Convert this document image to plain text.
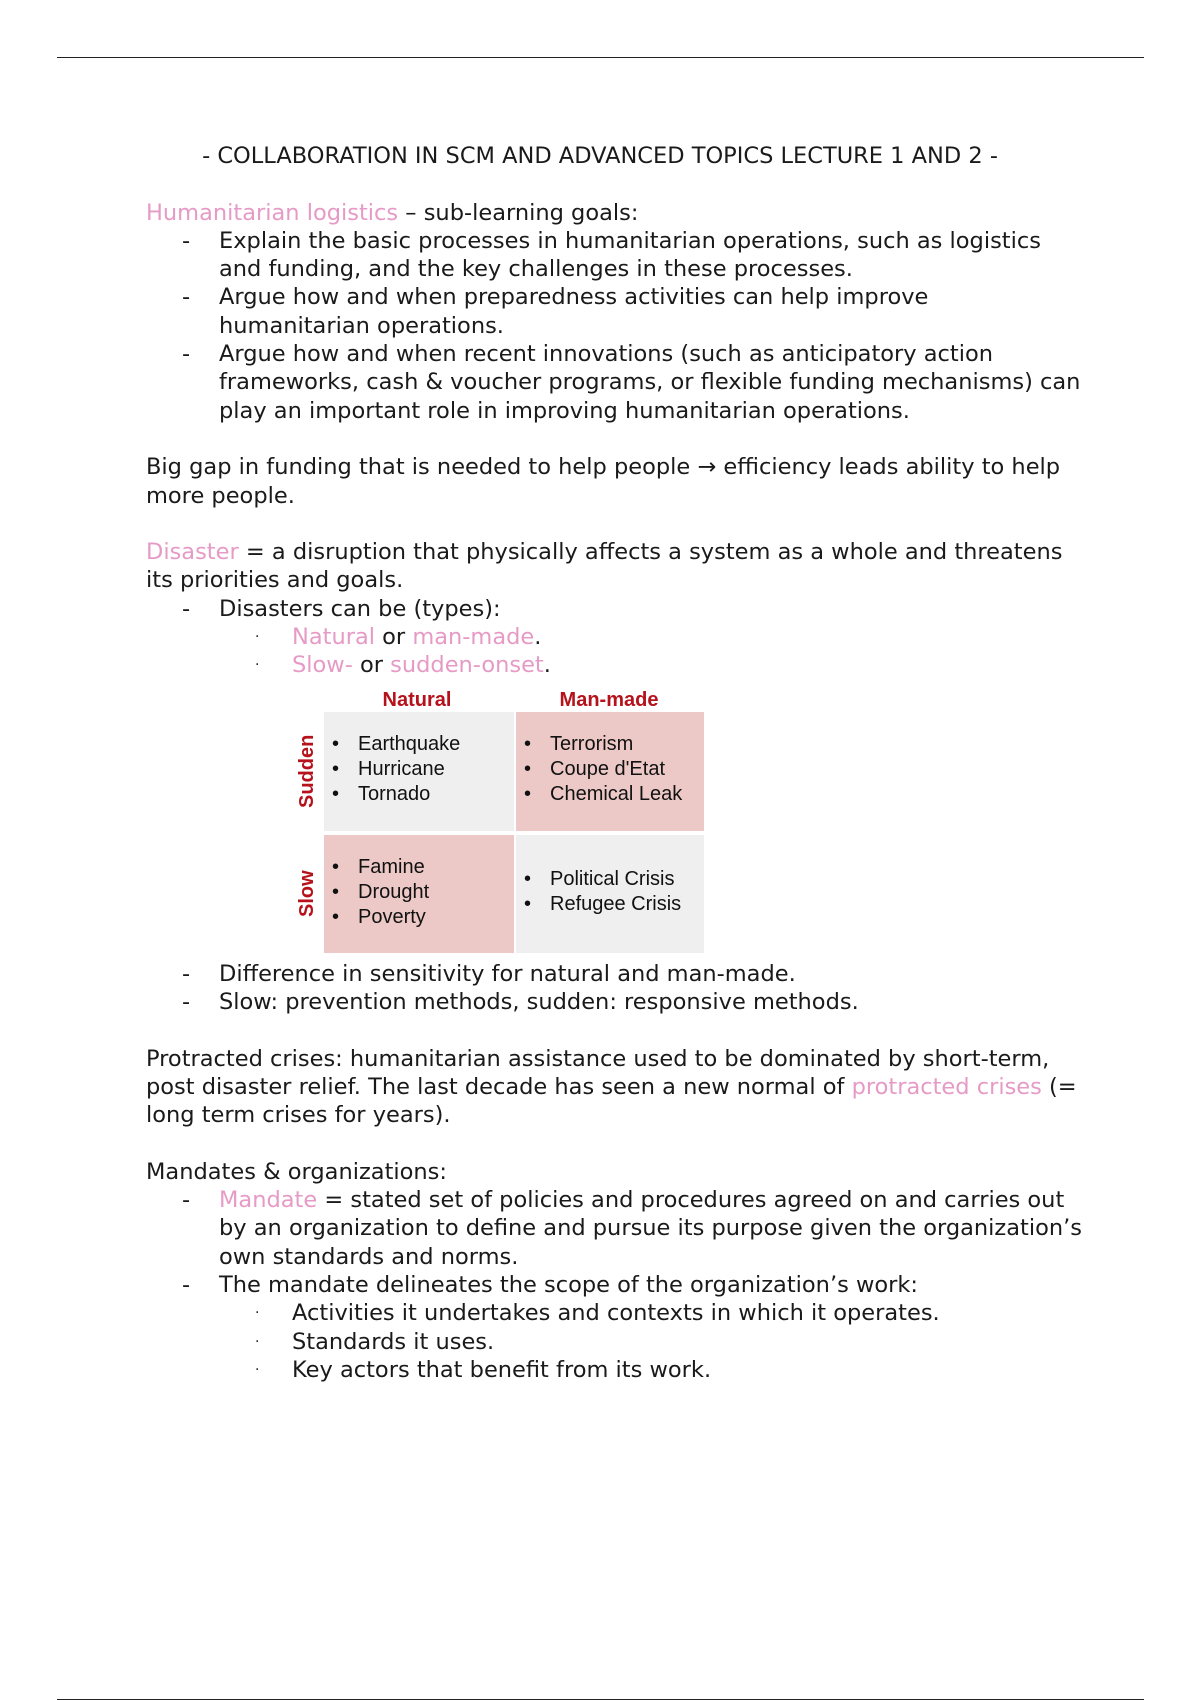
- COLLABORATION IN SCM AND ADVANCED TOPICS LECTURE 1 AND 2 -
Humanitarian logistics – sub-learning goals:
- Explain the basic processes in humanitarian operations, such as logistics and funding, and the key challenges in these processes.
- Argue how and when preparedness activities can help improve humanitarian operations.
- Argue how and when recent innovations (such as anticipatory action frameworks, cash & voucher programs, or flexible funding mechanisms) can play an important role in improving humanitarian operations.
Big gap in funding that is needed to help people → efficiency leads ability to help more people.
Disaster = a disruption that physically affects a system as a whole and threatens its priorities and goals.
- Disasters can be (types):
· Natural or man-made.
· Slow- or sudden-onset.
Natural	Man-made
Sudden
Slow
• Earthquake
• Hurricane
• Tornado
• Terrorism
• Coupe d'Etat
• Chemical Leak
• Famine
• Drought
• Poverty
• Political Crisis
• Refugee Crisis
- Difference in sensitivity for natural and man-made.
- Slow: prevention methods, sudden: responsive methods.
Protracted crises: humanitarian assistance used to be dominated by short-term, post disaster relief. The last decade has seen a new normal of protracted crises (= long term crises for years).
Mandates & organizations:
- Mandate = stated set of policies and procedures agreed on and carries out by an organization to define and pursue its purpose given the organization’s own standards and norms.
- The mandate delineates the scope of the organization’s work:
· Activities it undertakes and contexts in which it operates.
· Standards it uses.
· Key actors that benefit from its work.
